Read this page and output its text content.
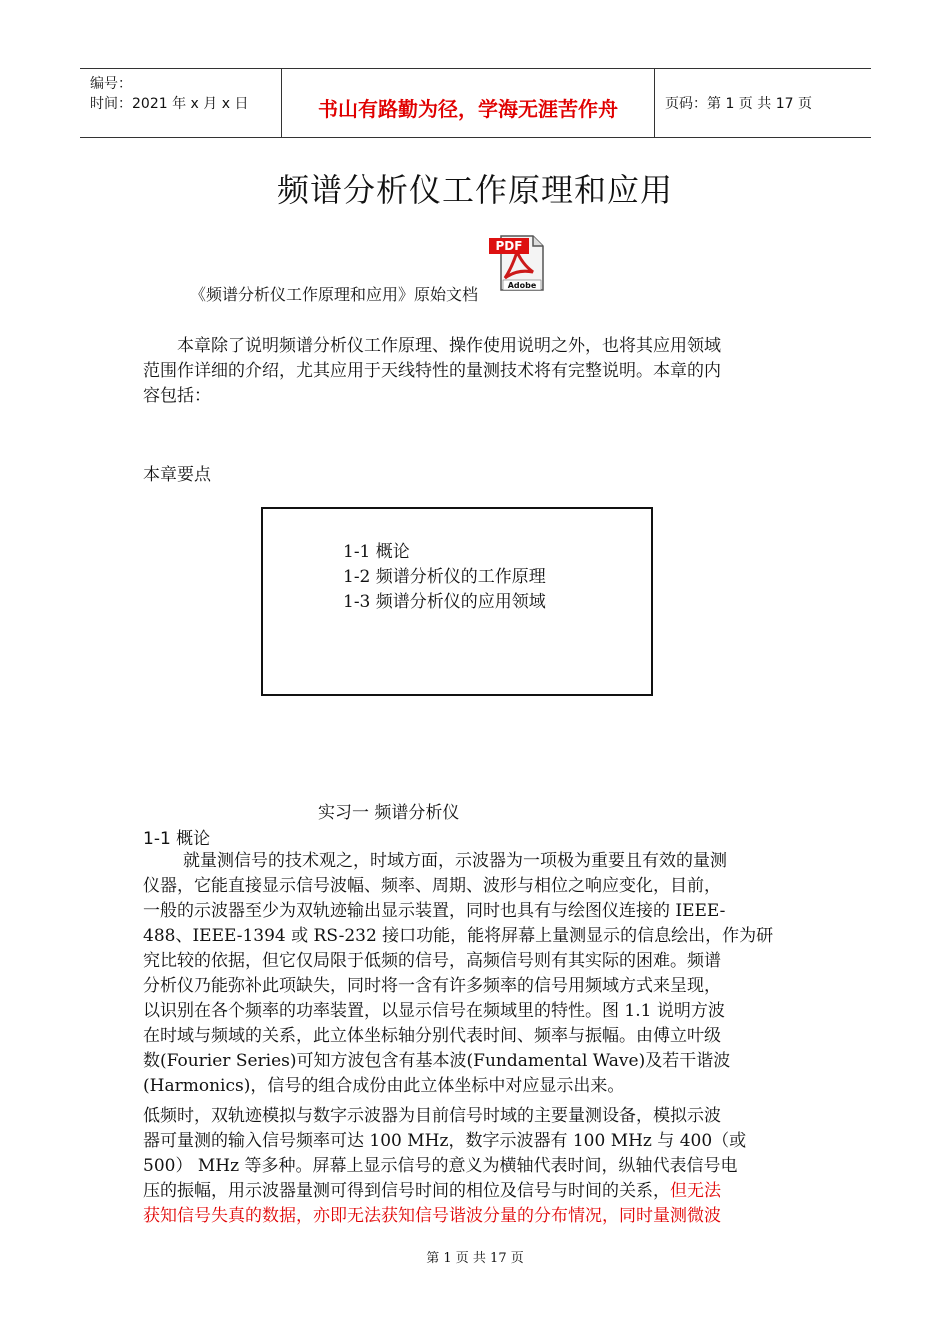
编号：
时间：2021 年 x 月 x 日	书山有路勤为径，学海无涯苦作舟	页码：第 1 页 共 17 页
频谱分析仪工作原理和应用
《频谱分析仪工作原理和应用》原始文档
PDF
Adobe
本章除了说明频谱分析仪工作原理、操作使用说明之外，也将其应用领域
范围作详细的介绍，尤其应用于天线特性的量测技术将有完整说明。本章的内
容包括：
本章要点
1-1 概论
1-2 频谱分析仪的工作原理
1-3 频谱分析仪的应用领域
实习一 频谱分析仪
1-1 概论
就量测信号的技术观之，时域方面，示波器为一项极为重要且有效的量测
仪器，它能直接显示信号波幅、频率、周期、波形与相位之响应变化，目前，
一般的示波器至少为双轨迹输出显示装置，同时也具有与绘图仪连接的 IEEE-
488、IEEE-1394 或 RS-232 接口功能，能将屏幕上量测显示的信息绘出，作为研
究比较的依据，但它仅局限于低频的信号，高频信号则有其实际的困难。频谱
分析仪乃能弥补此项缺失，同时将一含有许多频率的信号用频域方式来呈现，
以识别在各个频率的功率装置，以显示信号在频域里的特性。图 1.1 说明方波
在时域与频域的关系，此立体坐标轴分别代表时间、频率与振幅。由傅立叶级
数(Fourier Series)可知方波包含有基本波(Fundamental Wave)及若干谐波
(Harmonics)，信号的组合成份由此立体坐标中对应显示出来。
低频时，双轨迹模拟与数字示波器为目前信号时域的主要量测设备，模拟示波
器可量测的输入信号频率可达 100 MHz，数字示波器有 100 MHz 与 400（或
500） MHz 等多种。屏幕上显示信号的意义为横轴代表时间，纵轴代表信号电
压的振幅，用示波器量测可得到信号时间的相位及信号与时间的关系，但无法
获知信号失真的数据，亦即无法获知信号谐波分量的分布情况，同时量测微波
第 1 页 共 17 页
